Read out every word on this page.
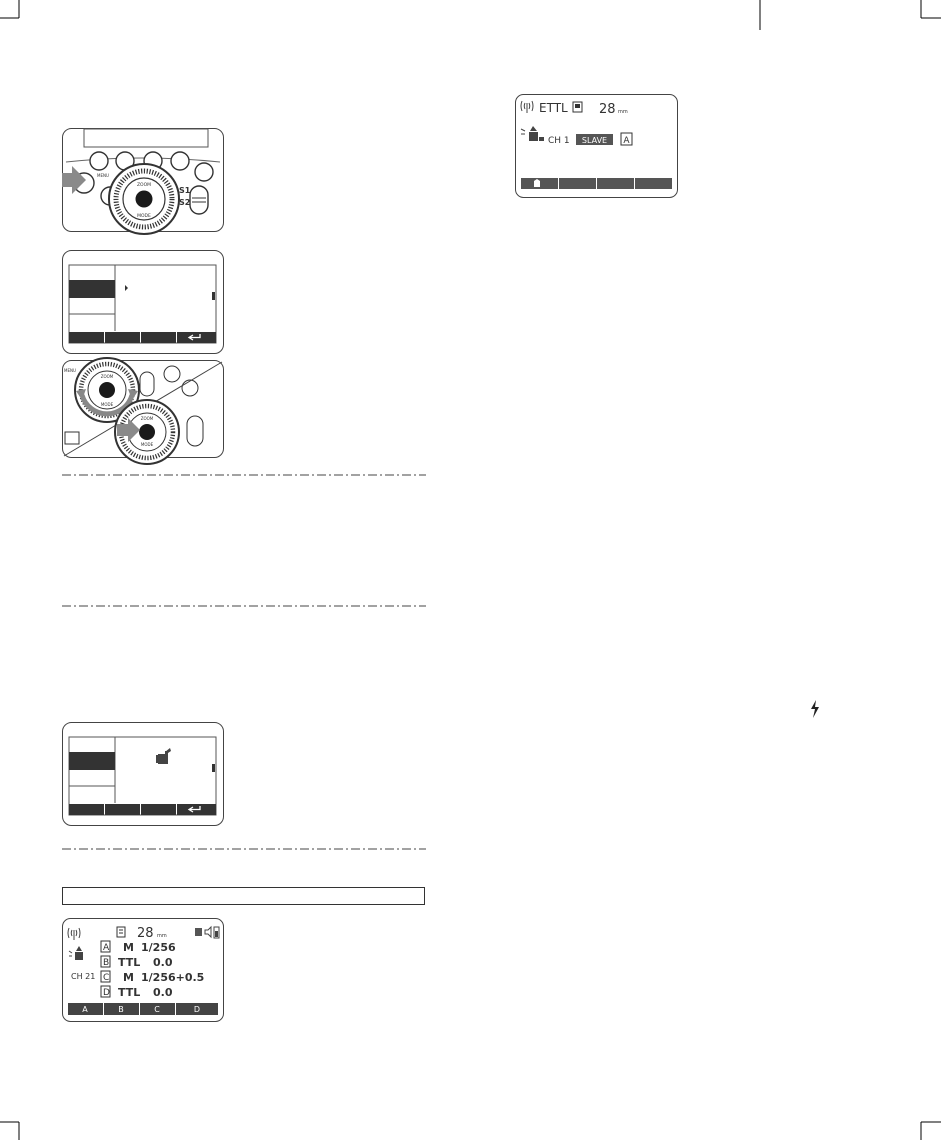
ZOOM
MODE
MENU
S1
S2
ZOOM
MODE
MENU
ZOOM
MODE
28 mm
CH 21
A M 1/256
B TTL 0.0
C M 1/256+0.5
D TTL 0.0
A	B	C	D
ETTL 28 mm
CH 1 SLAVE A
